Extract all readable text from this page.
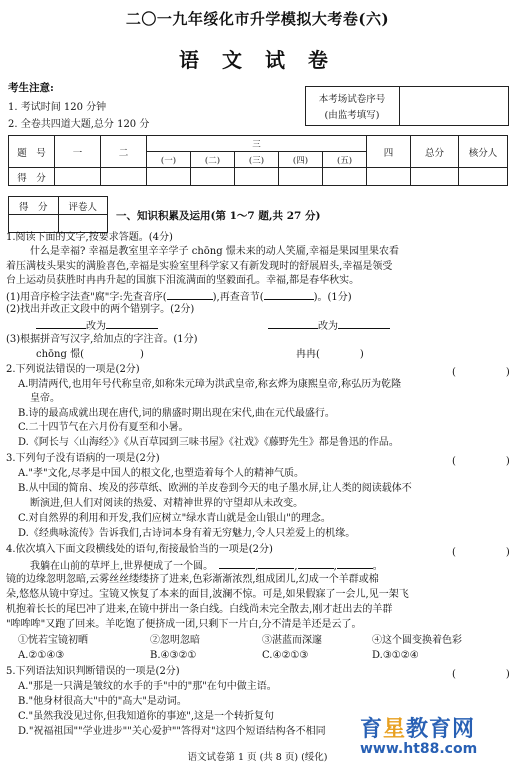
二〇一九年绥化市升学模拟大考卷(六)
语 文 试 卷
考生注意:
1. 考试时间 120 分钟
2. 全卷共四道大题,总分 120 分
本考场试卷序号
(由监考填写)
题　号	一	二	三					四	总分	核分人
			(一)	(二)	(三)	(四)	(五)			
得　分										
得　分	评卷人

一、知识积累及运用(第 1～7 题,共 27 分)
1.阅读下面的文字,按要求答题。(4分)
什么是幸福? 幸福是教室里辛辛学子 chōng 憬未来的动人笑靥,幸福是果园里果农看
着压满枝头果实的满脸喜色,幸福是实验室里科学家又有新发现时的舒展眉头,幸福是领受
台上运动员获胜时冉冉升起的国旗下泪流满面的坚毅面孔。幸福,都是春华秋实。
(1)用音序检字法查"腐"字:先查音序(	),再查音节(	)。(1分)
(2)找出并改正文段中的两个错别字。(2分)
改为	改为
(3)根据拼音写汉字,给加点的字注音。(1分)
chōng 憬(	)	冉冉(	)
2.下列说法错误的一项是(2分)	(　　　　　)
A.明清两代,也用年号代称皇帝,如称朱元璋为洪武皇帝,称玄烨为康熙皇帝,称弘历为乾隆
皇帝。
B.诗的最高成就出现在唐代,词的鼎盛时期出现在宋代,曲在元代最盛行。
C.二十四节气在六月份有夏至和小暑。
D.《阿长与〈山海经〉》《从百草园到三味书屋》《社戏》《藤野先生》都是鲁迅的作品。
3.下列句子没有语病的一项是(2分)	(　　　　　)
A."孝"文化,尽孝是中国人的根文化,也塑造着每个人的精神气质。
B.从中国的简帛、埃及的莎草纸、欧洲的羊皮卷到今天的电子墨水屏,让人类的阅读载体不
断演进,但人们对阅读的热爱、对精神世界的守望却从未改变。
C.对自然界的利用和开发,我们应树立"绿水青山就是金山银山"的理念。
D.《经典咏流传》告诉我们,古诗词本身有着无穷魅力,令人只差爱上的机缘。
4.依次填入下面文段横线处的语句,衔接最恰当的一项是(2分)	(　　　　　)
我躺在山前的草坪上,世界便成了一个圆。	,	,	,	。
镜的边缘忽明忽暗,云雾丝丝缕缕挤了进来,色彩渐渐浓烈,组成团儿,幻成一个羊群或棉
朵,悠悠从镜中穿过。宝镜又恢复了本来的面目,波澜不惊。可是,如果假寐了一会儿,见一架飞
机抱着长长的尾巴冲了进来,在镜中拼出一条白线。白线尚未完全散去,刚才赶出去的羊群
"哞哞哞"又跑了回来。羊吃饱了便挤成一团,只剩下一片白,分不清是羊还是云了。
①恍若宝镜初晒	②忽明忽暗	③湛蓝而深邃	④这个圆变换着色彩
A.②①④③	B.④③②①	C.④②①③	D.③①②④
5.下列语法知识判断错误的一项是(2分)	(　　　　　)
A."那是一只满是皱纹的水手的手"中的"那"在句中做主语。
B."他身材很高大"中的"高大"是动词。
C."虽然我没见过你,但我知道你的事迹",这是一个转折复句
D."祝福祖国""学业进步""关心爱护""答得对"这四个短语结构各不相同
语文试卷第 1 页 (共 8 页) (绥化)
育星教育网
www.ht88.com
